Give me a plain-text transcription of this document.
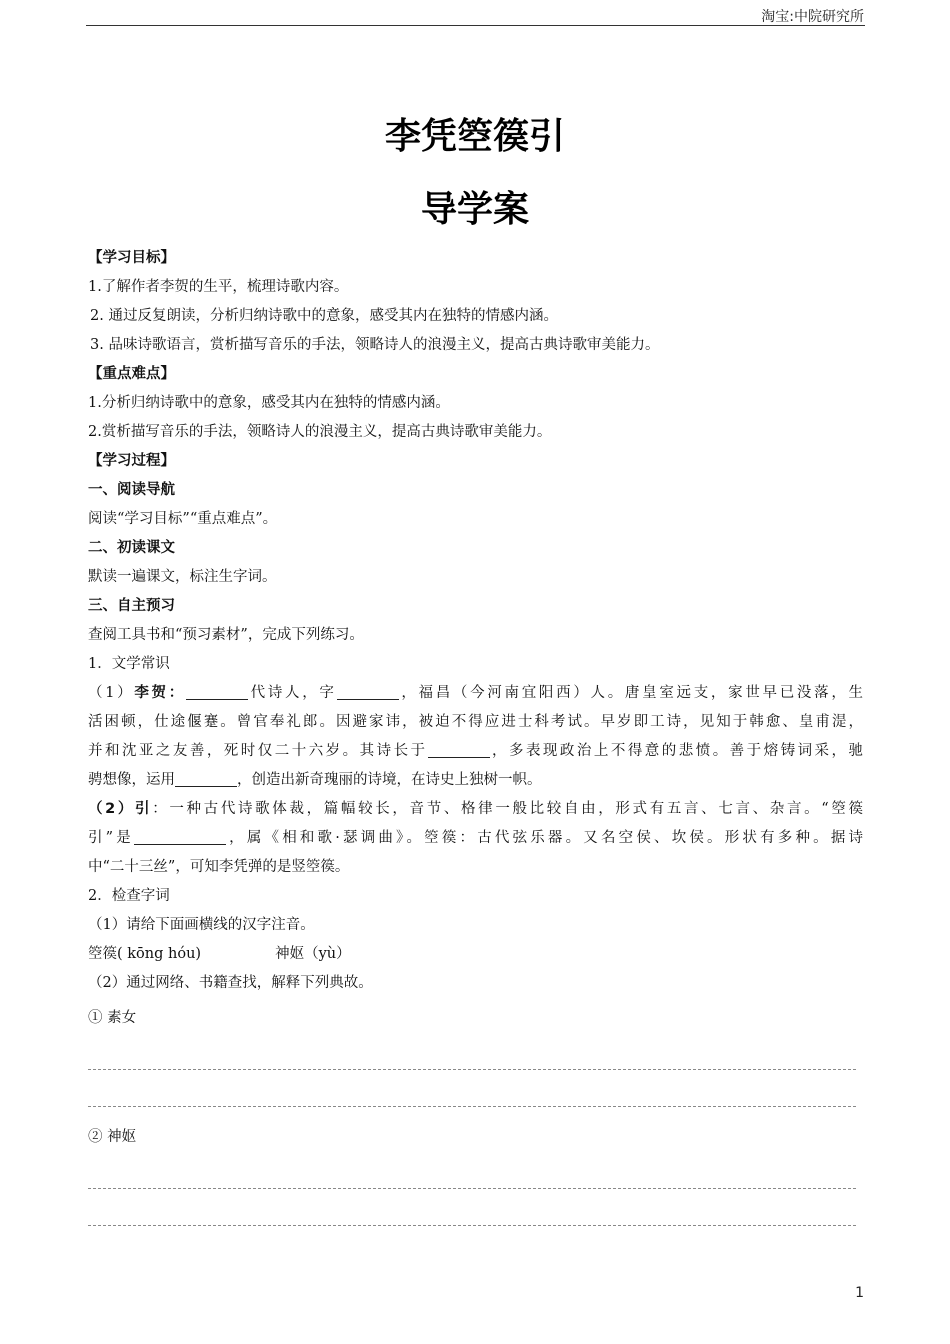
淘宝:中院研究所
李凭箜篌引
导学案
【学习目标】
1.了解作者李贺的生平，梳理诗歌内容。
2. 通过反复朗读，分析归纳诗歌中的意象，感受其内在独特的情感内涵。
3. 品味诗歌语言，赏析描写音乐的手法，领略诗人的浪漫主义，提高古典诗歌审美能力。
【重点难点】
1.分析归纳诗歌中的意象，感受其内在独特的情感内涵。
2.赏析描写音乐的手法，领略诗人的浪漫主义，提高古典诗歌审美能力。
【学习过程】
一、阅读导航
阅读“学习目标”“重点难点”。
二、初读课文
默读一遍课文，标注生字词。
三、自主预习
查阅工具书和“预习素材”，完成下列练习。
1．文学常识
（1）李贺：	代诗人，字	，福昌（今河南宜阳西）人。唐皇室远支，家世早已没落，生
活困顿，仕途偃蹇。曾官奉礼郎。因避家讳，被迫不得应进士科考试。早岁即工诗，见知于韩愈、皇甫湜，
并和沈亚之友善，死时仅二十六岁。其诗长于	，多表现政治上不得意的悲愤。善于熔铸词采，驰
骋想像，运用	，创造出新奇瑰丽的诗境，在诗史上独树一帜。
（2）引：一种古代诗歌体裁，篇幅较长，音节、格律一般比较自由，形式有五言、七言、杂言。“箜篌
引”是	，属《相和歌·瑟调曲》。箜篌：古代弦乐器。又名空侯、坎侯。形状有多种。据诗
中“二十三丝”，可知李凭弹的是竖箜篌。
2．检查字词
（1）请给下面画横线的汉字注音。
箜篌( kōng hóu)	神妪（yù）
（2）通过网络、书籍查找，解释下列典故。
① 素女
② 神妪
1
